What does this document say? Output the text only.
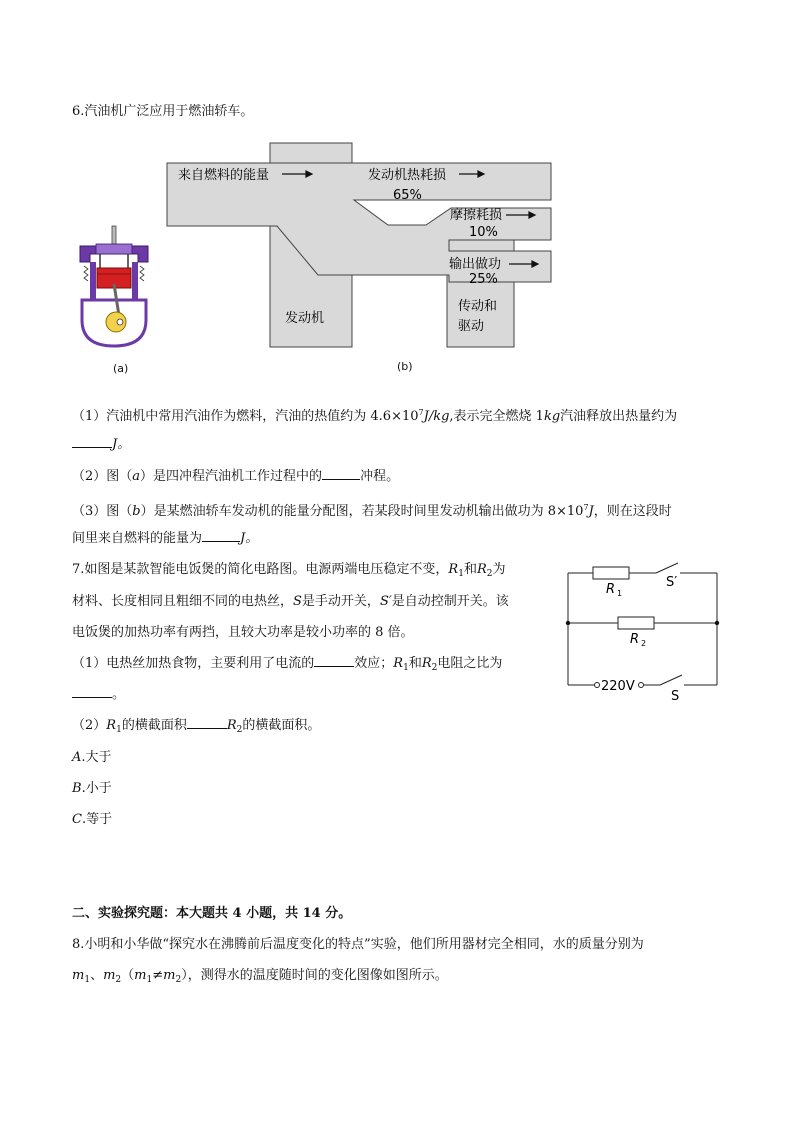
6.汽油机广泛应用于燃油轿车。
(a)
来自燃料的能量	发动机热耗损
65%
摩擦耗损
10%
输出做功
25%
发动机
传动和
驱动
(b)
（1）汽油机中常用汽油作为燃料，汽油的热值约为 $4.6\times 10^7J/kg$,表示完全燃烧 1kg汽油释放出热量约为
J。
（2）图（a）是四冲程汽油机工作过程中的	冲程。
（3）图（b）是某燃油轿车发动机的能量分配图，若某段时间里发动机输出做功为 $8\times 10^7J$，则在这段时
间里来自燃料的能量为	J。
7.如图是某款智能电饭煲的简化电路图。电源两端电压稳定不变，$R_1$和$R_2$为
材料、长度相同且粗细不同的电热丝，S是手动开关，S′是自动控制开关。该
电饭煲的加热功率有两挡，且较大功率是较小功率的 8 倍。
（1）电热丝加热食物，主要利用了电流的	效应；$R_1$和$R_2$电阻之比为
。
$(2)R_1$的横截面积	$R_2$的横截面积。
A.大于
B.小于
C.等于
R 1
S′
R 2
220V
S
二、实验探究题：本大题共 4 小题，共 14 分。
8.小明和小华做“探究水在沸腾前后温度变化的特点”实验，他们所用器材完全相同，水的质量分别为
$m_1$、$m_2(m_1\ne m_2)$，测得水的温度随时间的变化图像如图所示。
